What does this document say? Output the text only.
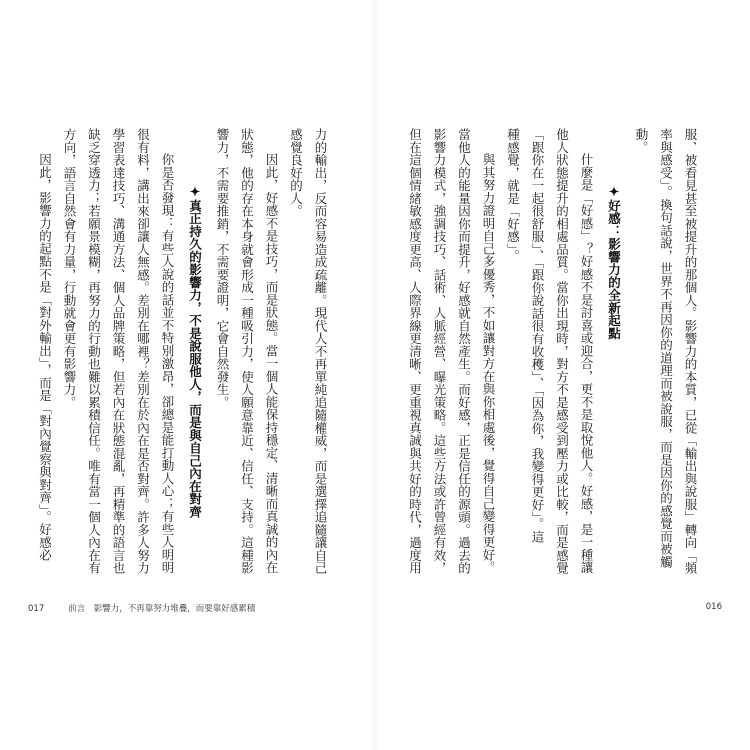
服、被看見甚至被提升的那個人。影響力的本質，已從「輸出與說服」轉向「頻
率與感受」。換句話說，世界不再因你的道理而被說服，而是因你的感覺而被觸
動。
✦好感：影響力的全新起點
什麼是「好感」？好感不是討喜或迎合，更不是取悅他人。好感，是一種讓
他人狀態提升的相處品質。當你出現時，對方不是感受到壓力或比較，而是感覺
「跟你在一起很舒服」、「跟你說話很有收穫」、「因為你，我變得更好」。這
種感覺，就是「好感」。
與其努力證明自己多優秀，不如讓對方在與你相處後，覺得自己變得更好。
當他人的能量因你而提升，好感就自然產生。而好感，正是信任的源頭。過去的
影響力模式，強調技巧、話術、人脈經營、曝光策略。這些方法或許曾經有效，
但在這個情緒敏感度更高、人際界線更清晰、更重視真誠與共好的時代，過度用
力的輸出，反而容易造成疏離。現代人不再單純追隨權威，而是選擇追隨讓自己
感覺良好的人。
因此，好感不是技巧，而是狀態。當一個人能保持穩定、清晰而真誠的內在
狀態，他的存在本身就會形成一種吸引力，使人願意靠近、信任、支持。這種影
響力，不需要推銷，不需要證明，它會自然發生。
✦真正持久的影響力，不是說服他人，而是與自己內在對齊
你是否發現：有些人說的話並不特別激昂，卻總是能打動人心；有些人明明
很有料，講出來卻讓人無感。差別在哪裡？差別在於內在是否對齊。許多人努力
學習表達技巧、溝通方法、個人品牌策略，但若內在狀態混亂，再精準的語言也
缺乏穿透力；若願景模糊，再努力的行動也難以累積信任。唯有當一個人內在有
方向，語言自然會有力量，行動就會更有影響力。
因此，影響力的起點不是「對外輸出」，而是「對內覺察與對齊」。好感必
017	前言　影響力，不再靠努力堆疊，而要靠好感累積	016
